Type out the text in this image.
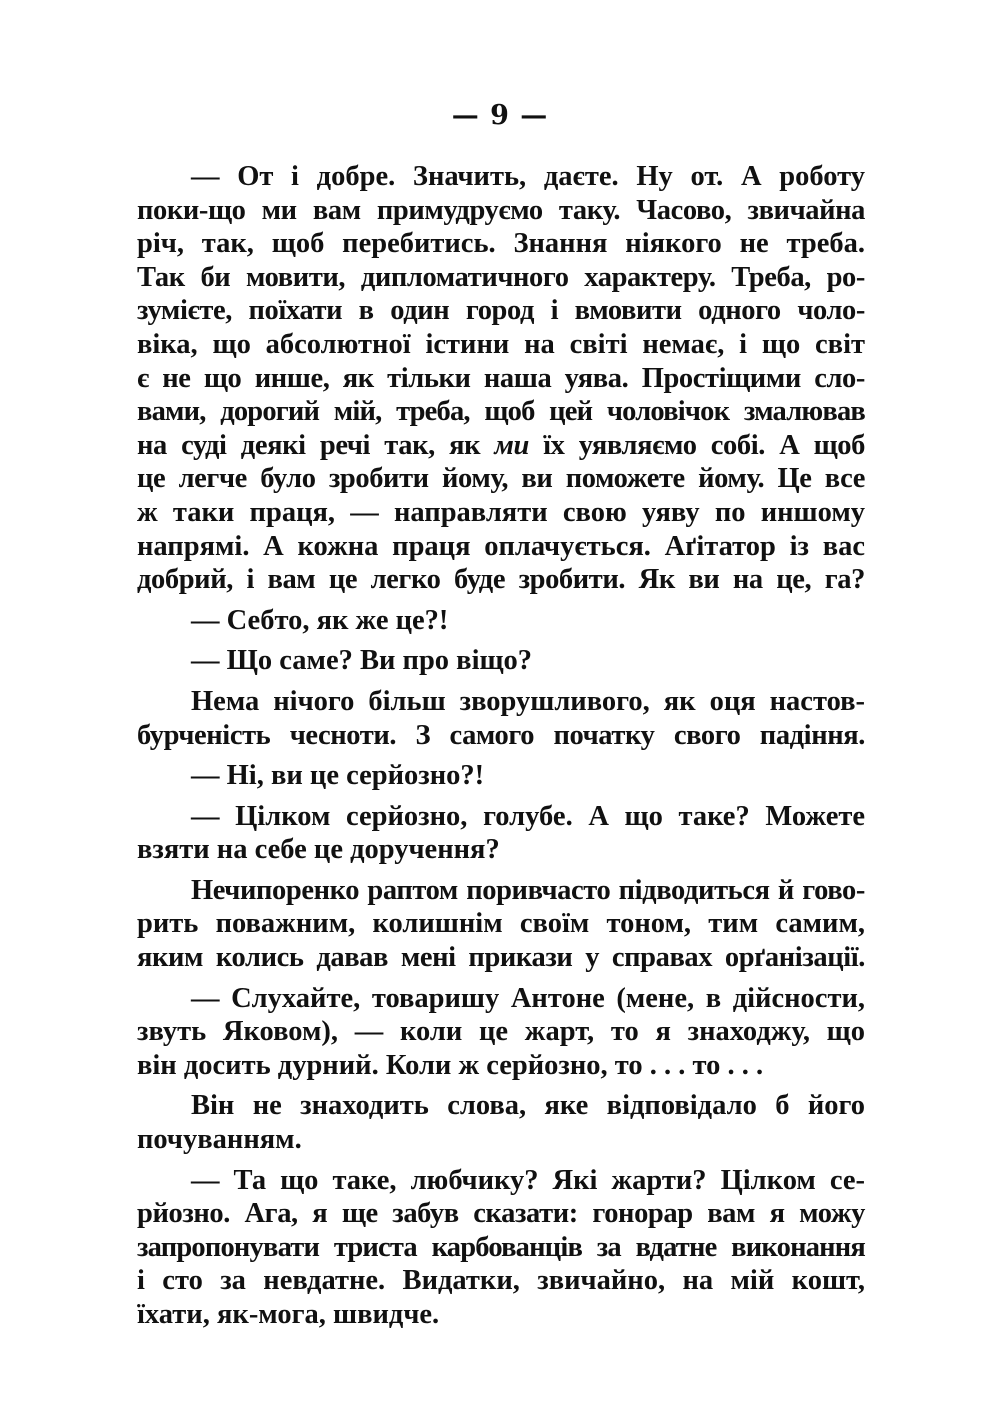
— 9 —
— От і добре. Значить, даєте. Ну от. А роботу
поки-що ми вам примудруємо таку. Часово, звичайна
річ, так, щоб перебитись. Знання ніякого не треба.
Так би мовити, дипломатичного характеру. Треба, ро-
зумієте, поїхати в один город і вмовити одного чоло-
віка, що абсолютної істини на світі немає, і що світ
є не що инше, як тільки наша уява. Простіщими сло-
вами, дорогий мій, треба, щоб цей чоловічок змалював
на суді деякі речі так, як ми їх уявляємо собі. А щоб
це легче було зробити йому, ви поможете йому. Це все
ж таки праця, — направляти свою уяву по иншому
напрямі. А кожна праця оплачується. Аґітатор із вас
добрий, і вам це легко буде зробити. Як ви на це, га?
— Себто, як же це?!
— Що саме? Ви про віщо?
Нема нічого більш зворушливого, як оця настов-
бурченість чесноти. З самого початку свого падіння.
— Ні, ви це серйозно?!
— Цілком серйозно, голубе. А що таке? Можете
взяти на себе це доручення?
Нечипоренко раптом поривчасто підводиться й гово-
рить поважним, колишнім своїм тоном, тим самим,
яким колись давав мені прикази у справах орґанізації.
— Слухайте, товаришу Антоне (мене, в дійсности,
звуть Яковом), — коли це жарт, то я знаходжу, що
він досить дурний. Коли ж серйозно, то . . . то . . .
Він не знаходить слова, яке відповідало б його
почуванням.
— Та що таке, любчику? Які жарти? Цілком се-
рйозно. Ага, я ще забув сказати: гонорар вам я можу
запропонувати триста карбованців за вдатне виконання
і сто за невдатне. Видатки, звичайно, на мій кошт,
їхати, як-мога, швидче.
